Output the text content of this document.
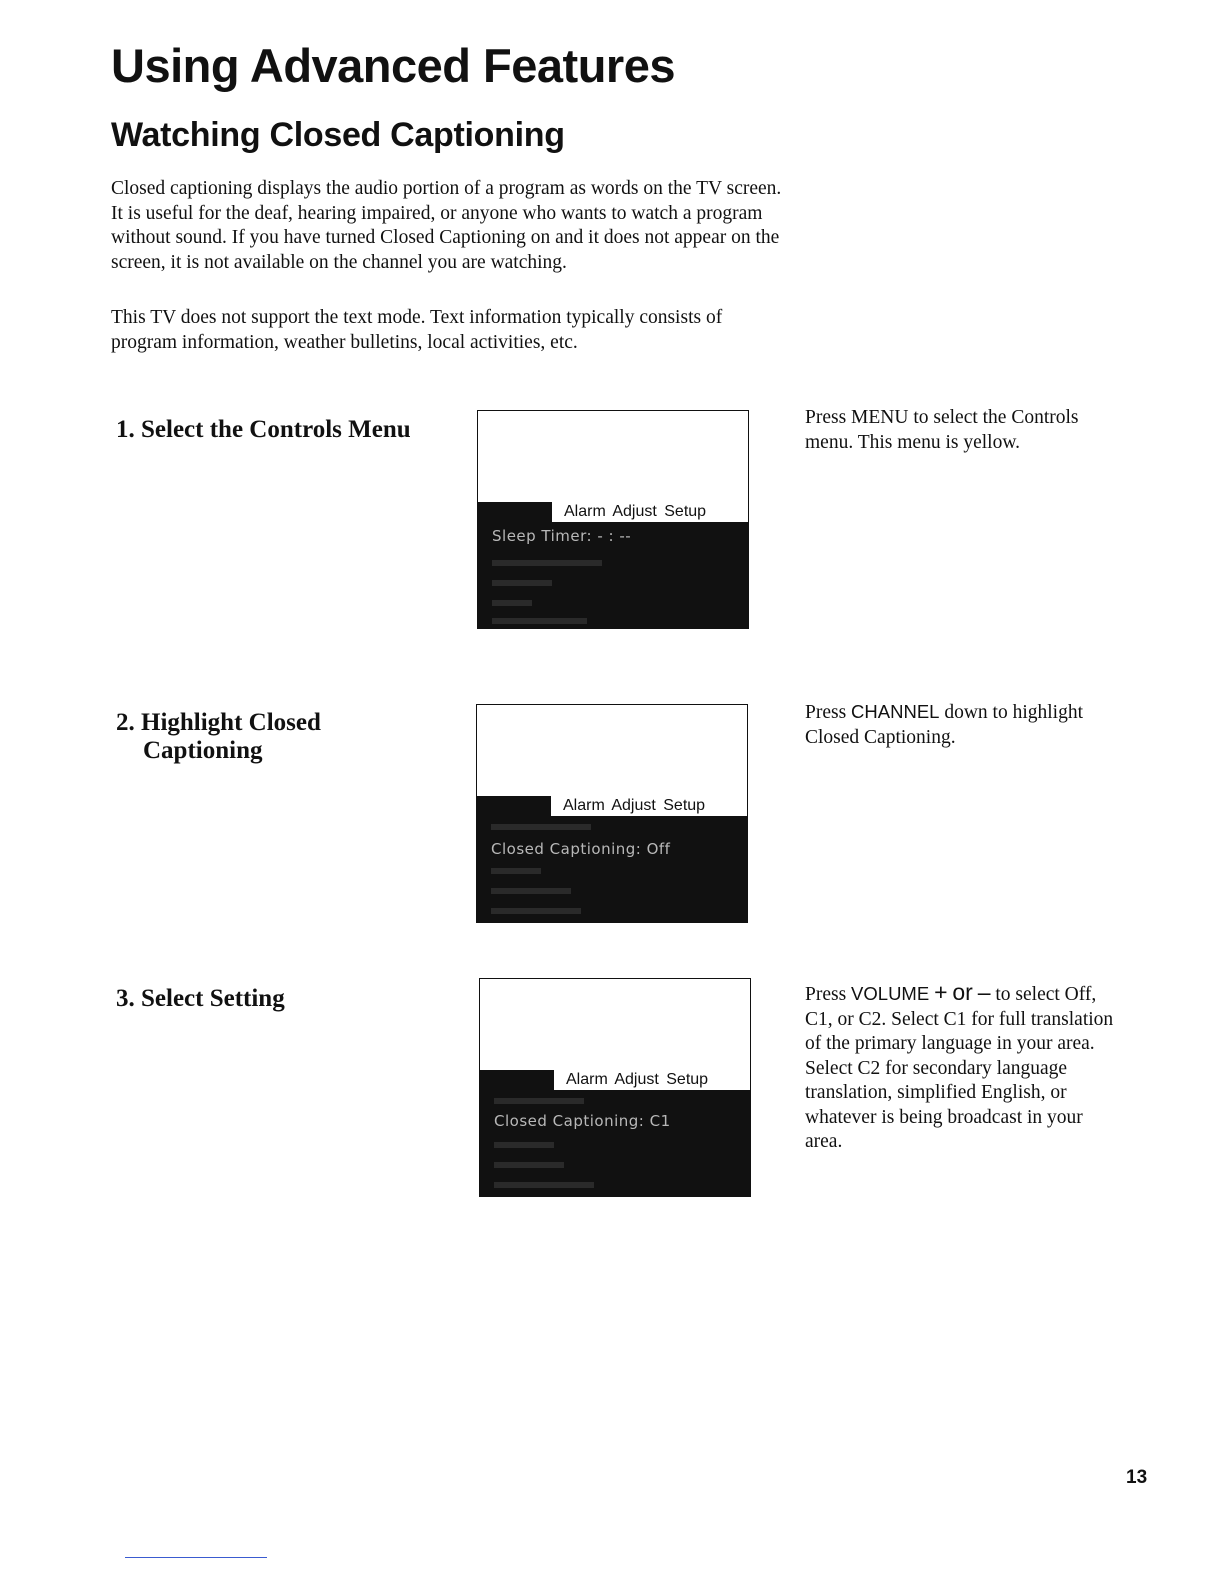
Using Advanced Features
Watching Closed Captioning

Closed captioning displays the audio portion of a program as words on the TV screen. It is useful for the deaf, hearing impaired, or anyone who wants to watch a program without sound. If you have turned Closed Captioning on and it does not appear on the screen, it is not available on the channel you are watching.

This TV does not support the text mode. Text information typically consists of program information, weather bulletins, local activities, etc.

1. Select the Controls Menu
Alarm Adjust Setup
Sleep Timer: - : --

Press MENU to select the Controls menu. This menu is yellow.

2. Highlight Closed
Captioning
Alarm Adjust Setup
Closed Captioning: Off

Press CHANNEL down to highlight Closed Captioning.

3. Select Setting
Alarm Adjust Setup
Closed Captioning: C1

Press VOLUME + or – to select Off, C1, or C2. Select C1 for full translation of the primary language in your area. Select C2 for secondary language translation, simplified English, or whatever is being broadcast in your area.

13
